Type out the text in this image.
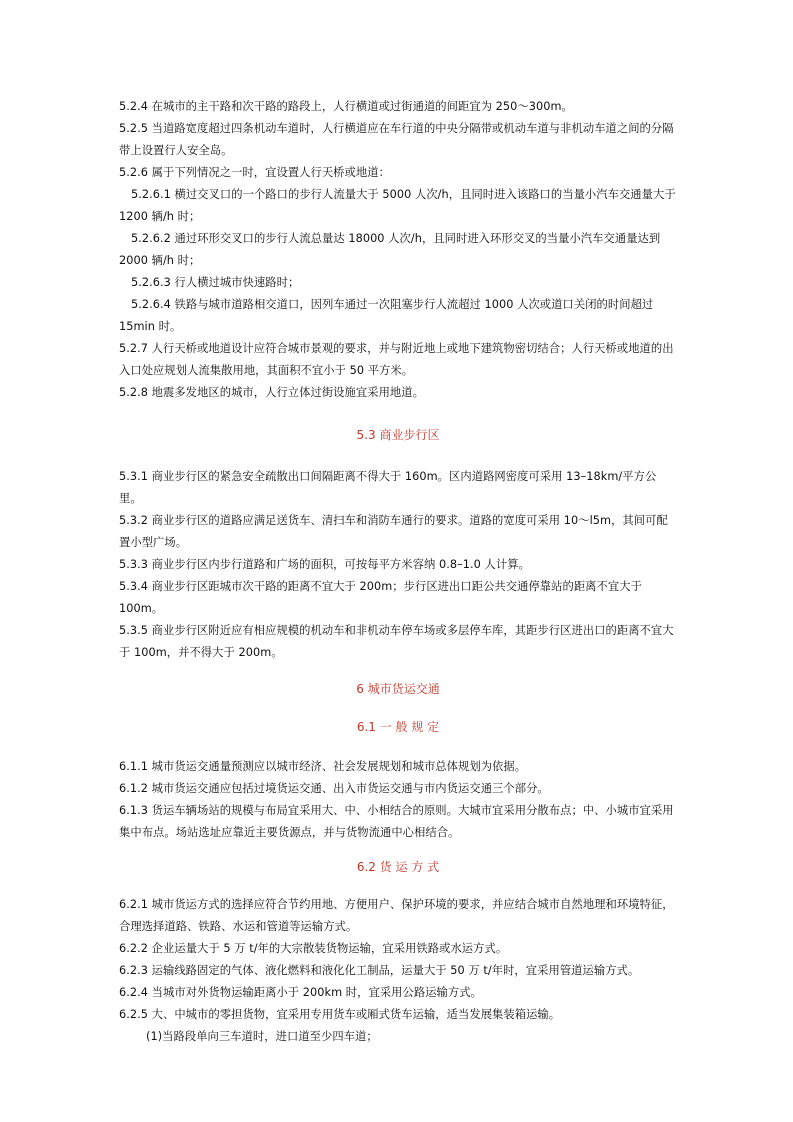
5.2.4 在城市的主干路和次干路的路段上，人行横道或过街通道的间距宜为 250～300m。
5.2.5 当道路宽度超过四条机动车道时，人行横道应在车行道的中央分隔带或机动车道与非机动车道之间的分隔带上设置行人安全岛。
5.2.6 属于下列情况之一时，宜设置人行天桥或地道：
5.2.6.1 横过交叉口的一个路口的步行人流量大于 5000 人次/h，且同时进入该路口的当量小汽车交通量大于 1200 辆/h 时；
5.2.6.2 通过环形交叉口的步行人流总量达 18000 人次/h，且同时进入环形交叉的当量小汽车交通量达到 2000 辆/h 时；
5.2.6.3 行人横过城市快速路时；
5.2.6.4 铁路与城市道路相交道口，因列车通过一次阻塞步行人流超过 1000 人次或道口关闭的时间超过 15min 时。
5.2.7 人行天桥或地道设计应符合城市景观的要求，并与附近地上或地下建筑物密切结合；人行天桥或地道的出入口处应规划人流集散用地，其面积不宜小于 50 平方米。
5.2.8 地震多发地区的城市，人行立体过街设施宜采用地道。
5.3 商业步行区
5.3.1 商业步行区的紧急安全疏散出口间隔距离不得大于 160m。区内道路网密度可采用 13–18km/平方公里。
5.3.2 商业步行区的道路应满足送货车、清扫车和消防车通行的要求。道路的宽度可采用 10～l5m，其间可配置小型广场。
5.3.3 商业步行区内步行道路和广场的面积，可按每平方米容纳 0.8–1.0 人计算。
5.3.4 商业步行区距城市次干路的距离不宜大于 200m；步行区进出口距公共交通停靠站的距离不宜大于 100m。
5.3.5 商业步行区附近应有相应规模的机动车和非机动车停车场或多层停车库，其距步行区进出口的距离不宜大于 100m，并不得大于 200m。
6 城市货运交通
6.1 一 般 规 定
6.1.1 城市货运交通量预测应以城市经济、社会发展规划和城市总体规划为依据。
6.1.2 城市货运交通应包括过境货运交通、出入市货运交通与市内货运交通三个部分。
6.1.3 货运车辆场站的规模与布局宜采用大、中、小相结合的原则。大城市宜采用分散布点；中、小城市宜采用集中布点。场站选址应靠近主要货源点，并与货物流通中心相结合。
6.2 货 运 方 式
6.2.1 城市货运方式的选择应符合节约用地、方便用户、保护环境的要求，并应结合城市自然地理和环境特征，合理选择道路、铁路、水运和管道等运输方式。
6.2.2 企业运量大于 5 万 t/年的大宗散装货物运输，宜采用铁路或水运方式。
6.2.3 运输线路固定的气体、液化燃料和液化化工制品，运量大于 50 万 t/年时，宜采用管道运输方式。
6.2.4 当城市对外货物运输距离小于 200km 时，宜采用公路运输方式。
6.2.5 大、中城市的零担货物，宜采用专用货车或厢式货车运输，适当发展集装箱运输。
(1)当路段单向三车道时，进口道至少四车道；
